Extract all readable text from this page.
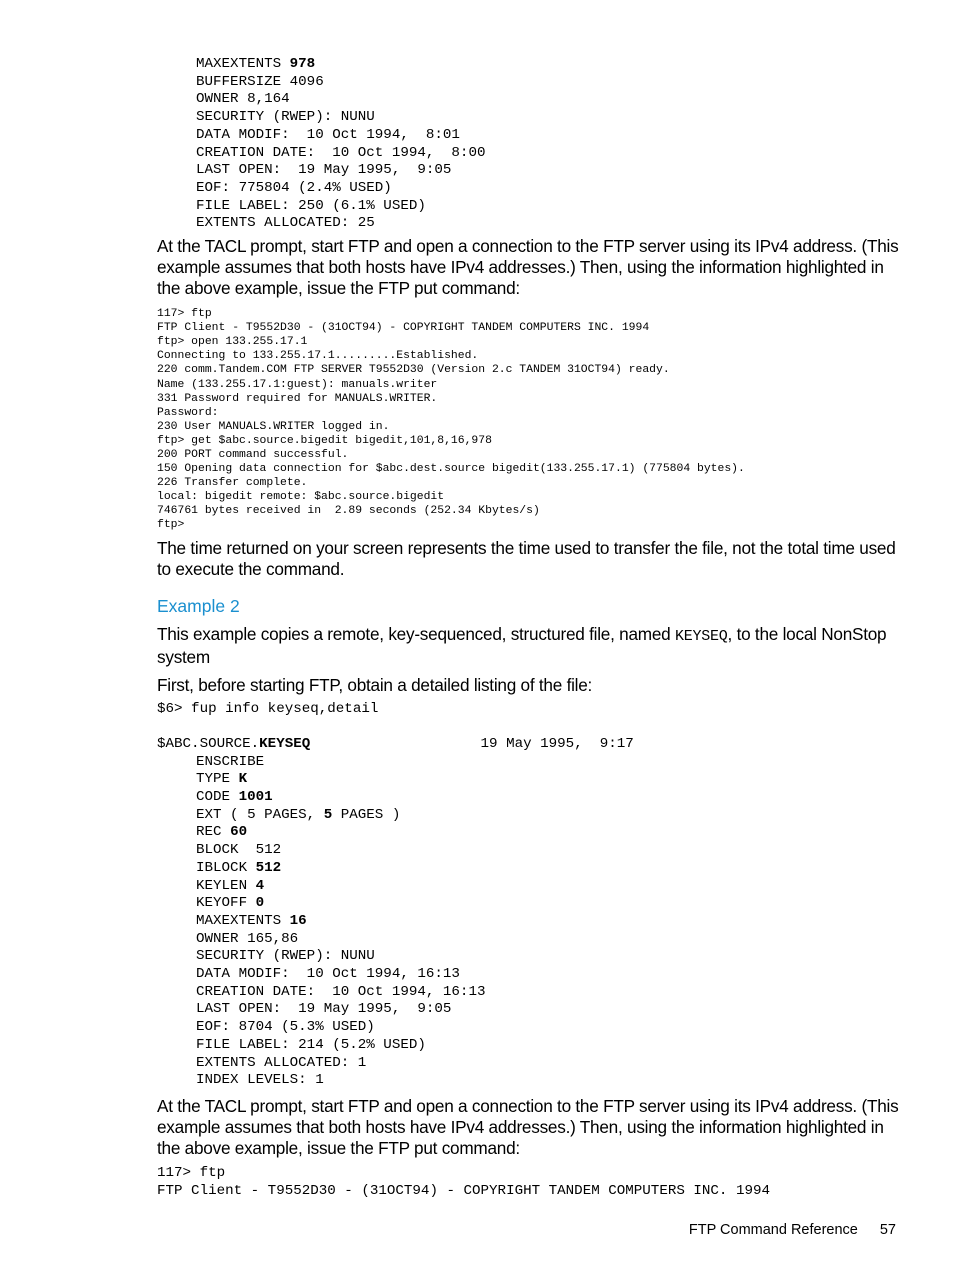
MAXEXTENTS 978
BUFFERSIZE 4096
OWNER 8,164
SECURITY (RWEP): NUNU
DATA MODIF:  10 Oct 1994,  8:01
CREATION DATE:  10 Oct 1994,  8:00
LAST OPEN:  19 May 1995,  9:05
EOF: 775804 (2.4% USED)
FILE LABEL: 250 (6.1% USED)
EXTENTS ALLOCATED: 25

At the TACL prompt, start FTP and open a connection to the FTP server using its IPv4 address. (This example assumes that both hosts have IPv4 addresses.) Then, using the information highlighted in the above example, issue the FTP put command:

117> ftp
FTP Client - T9552D30 - (31OCT94) - COPYRIGHT TANDEM COMPUTERS INC. 1994
ftp> open 133.255.17.1
Connecting to 133.255.17.1.........Established.
220 comm.Tandem.COM FTP SERVER T9552D30 (Version 2.c TANDEM 31OCT94) ready.
Name (133.255.17.1:guest): manuals.writer
331 Password required for MANUALS.WRITER.
Password:
230 User MANUALS.WRITER logged in.
ftp> get $abc.source.bigedit bigedit,101,8,16,978
200 PORT command successful.
150 Opening data connection for $abc.dest.source bigedit(133.255.17.1) (775804 bytes).
226 Transfer complete.
local: bigedit remote: $abc.source.bigedit
746761 bytes received in  2.89 seconds (252.34 Kbytes/s)
ftp>

The time returned on your screen represents the time used to transfer the file, not the total time used to execute the command.

Example 2

This example copies a remote, key-sequenced, structured file, named KEYSEQ, to the local NonStop system

First, before starting FTP, obtain a detailed listing of the file:

$6> fup info keyseq,detail
$ABC.SOURCE.KEYSEQ                    19 May 1995,  9:17
ENSCRIBE
TYPE K
CODE 1001
EXT ( 5 PAGES, 5 PAGES )
REC 60
BLOCK  512
IBLOCK 512
KEYLEN 4
KEYOFF 0
MAXEXTENTS 16
OWNER 165,86
SECURITY (RWEP): NUNU
DATA MODIF:  10 Oct 1994, 16:13
CREATION DATE:  10 Oct 1994, 16:13
LAST OPEN:  19 May 1995,  9:05
EOF: 8704 (5.3% USED)
FILE LABEL: 214 (5.2% USED)
EXTENTS ALLOCATED: 1
INDEX LEVELS: 1

At the TACL prompt, start FTP and open a connection to the FTP server using its IPv4 address. (This example assumes that both hosts have IPv4 addresses.) Then, using the information highlighted in the above example, issue the FTP put command:

117> ftp
FTP Client - T9552D30 - (31OCT94) - COPYRIGHT TANDEM COMPUTERS INC. 1994
FTP Command Reference 57
